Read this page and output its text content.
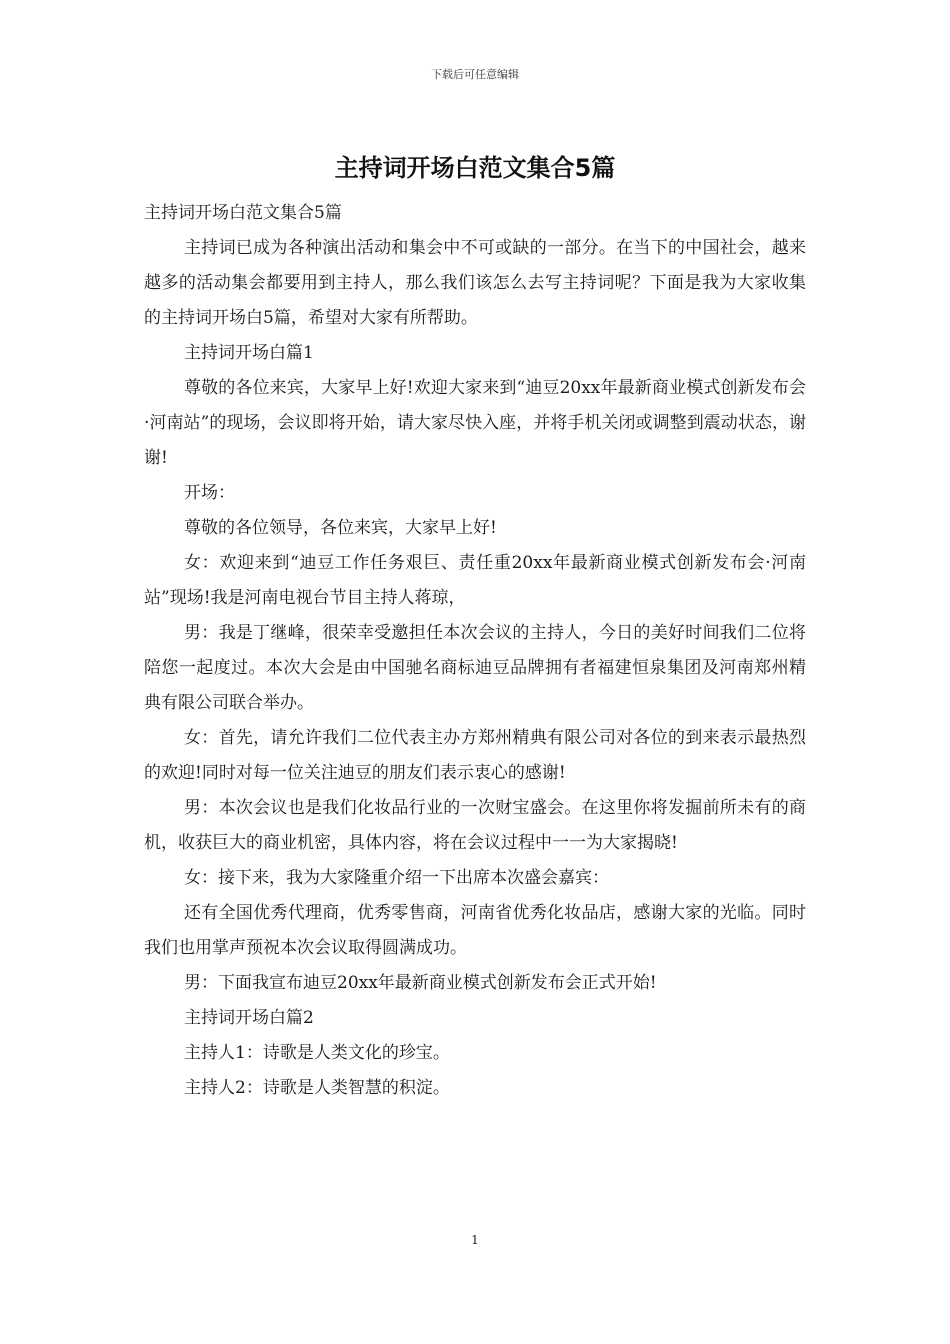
下载后可任意编辑
主持词开场白范文集合5篇

主持词开场白范文集合5篇

主持词已成为各种演出活动和集会中不可或缺的一部分。在当下的中国社会，越来越多的活动集会都要用到主持人，那么我们该怎么去写主持词呢？下面是我为大家收集的主持词开场白5篇，希望对大家有所帮助。

主持词开场白篇1

尊敬的各位来宾，大家早上好!欢迎大家来到“迪豆20xx年最新商业模式创新发布会·河南站”的现场，会议即将开始，请大家尽快入座，并将手机关闭或调整到震动状态，谢谢!

开场：

尊敬的各位领导，各位来宾，大家早上好!

女：欢迎来到“迪豆工作任务艰巨、责任重20xx年最新商业模式创新发布会·河南站”现场!我是河南电视台节目主持人蒋琼，

男：我是丁继峰，很荣幸受邀担任本次会议的主持人，今日的美好时间我们二位将陪您一起度过。本次大会是由中国驰名商标迪豆品牌拥有者福建恒泉集团及河南郑州精典有限公司联合举办。

女：首先，请允许我们二位代表主办方郑州精典有限公司对各位的到来表示最热烈的欢迎!同时对每一位关注迪豆的朋友们表示衷心的感谢!

男：本次会议也是我们化妆品行业的一次财宝盛会。在这里你将发掘前所未有的商机，收获巨大的商业机密，具体内容，将在会议过程中一一为大家揭晓!

女：接下来，我为大家隆重介绍一下出席本次盛会嘉宾：

还有全国优秀代理商，优秀零售商，河南省优秀化妆品店，感谢大家的光临。同时我们也用掌声预祝本次会议取得圆满成功。

男：下面我宣布迪豆20xx年最新商业模式创新发布会正式开始!

主持词开场白篇2

主持人1：诗歌是人类文化的珍宝。

主持人2：诗歌是人类智慧的积淀。

1
